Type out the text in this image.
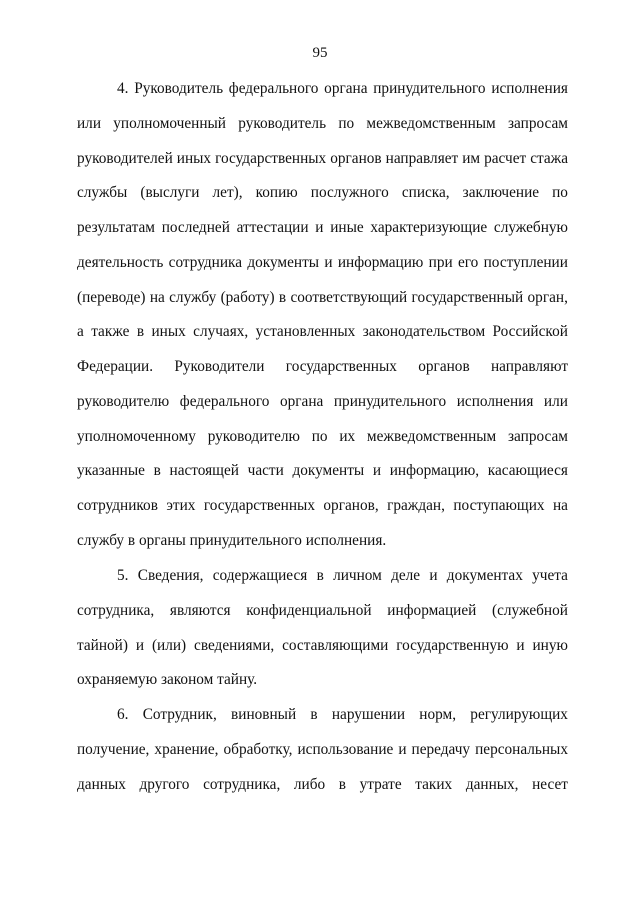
95
4. Руководитель федерального органа принудительного исполнения
или уполномоченный руководитель по межведомственным запросам
руководителей иных государственных органов направляет им расчет стажа
службы (выслуги лет), копию послужного списка, заключение по
результатам последней аттестации и иные характеризующие служебную
деятельность сотрудника документы и информацию при его поступлении
(переводе) на службу (работу) в соответствующий государственный орган,
а также в иных случаях, установленных законодательством Российской
Федерации. Руководители государственных органов направляют
руководителю федерального органа принудительного исполнения или
уполномоченному руководителю по их межведомственным запросам
указанные в настоящей части документы и информацию, касающиеся
сотрудников этих государственных органов, граждан, поступающих на
службу в органы принудительного исполнения.
5. Сведения, содержащиеся в личном деле и документах учета
сотрудника, являются конфиденциальной информацией (служебной
тайной) и (или) сведениями, составляющими государственную и иную
охраняемую законом тайну.
6. Сотрудник, виновный в нарушении норм, регулирующих
получение, хранение, обработку, использование и передачу персональных
данных другого сотрудника, либо в утрате таких данных, несет
